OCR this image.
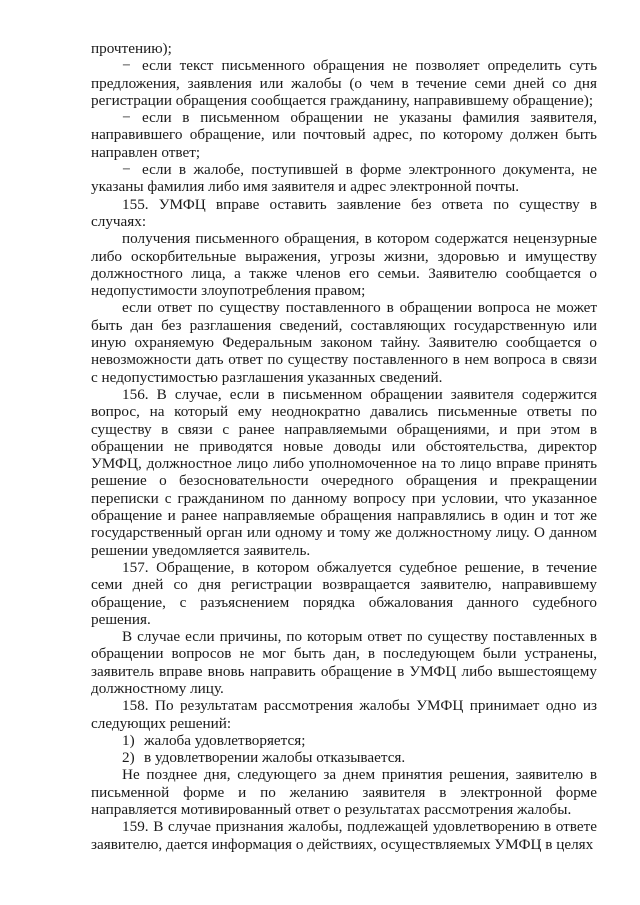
прочтению);

− если текст письменного обращения не позволяет определить суть предложения, заявления или жалобы (о чем в течение семи дней со дня регистрации обращения сообщается гражданину, направившему обращение);

− если в письменном обращении не указаны фамилия заявителя, направившего обращение, или почтовый адрес, по которому должен быть направлен ответ;

− если в жалобе, поступившей в форме электронного документа, не указаны фамилия либо имя заявителя и адрес электронной почты.

155. УМФЦ вправе оставить заявление без ответа по существу в случаях:

получения письменного обращения, в котором содержатся нецензурные либо оскорбительные выражения, угрозы жизни, здоровью и имуществу должностного лица, а также членов его семьи. Заявителю сообщается о недопустимости злоупотребления правом;

если ответ по существу поставленного в обращении вопроса не может быть дан без разглашения сведений, составляющих государственную или иную охраняемую Федеральным законом тайну. Заявителю сообщается о невозможности дать ответ по существу поставленного в нем вопроса в связи с недопустимостью разглашения указанных сведений.

156. В случае, если в письменном обращении заявителя содержится вопрос, на который ему неоднократно давались письменные ответы по существу в связи с ранее направляемыми обращениями, и при этом в обращении не приводятся новые доводы или обстоятельства, директор УМФЦ, должностное лицо либо уполномоченное на то лицо вправе принять решение о безосновательности очередного обращения и прекращении переписки с гражданином по данному вопросу при условии, что указанное обращение и ранее направляемые обращения направлялись в один и тот же государственный орган или одному и тому же должностному лицу. О данном решении уведомляется заявитель.

157. Обращение, в котором обжалуется судебное решение, в течение семи дней со дня регистрации возвращается заявителю, направившему обращение, с разъяснением порядка обжалования данного судебного решения.

В случае если причины, по которым ответ по существу поставленных в обращении вопросов не мог быть дан, в последующем были устранены, заявитель вправе вновь направить обращение в УМФЦ либо вышестоящему должностному лицу.

158. По результатам рассмотрения жалобы УМФЦ принимает одно из следующих решений:

1) жалоба удовлетворяется;

2) в удовлетворении жалобы отказывается.

Не позднее дня, следующего за днем принятия решения, заявителю в письменной форме и по желанию заявителя в электронной форме направляется мотивированный ответ о результатах рассмотрения жалобы.

159. В случае признания жалобы, подлежащей удовлетворению в ответе заявителю, дается информация о действиях, осуществляемых УМФЦ в целях
